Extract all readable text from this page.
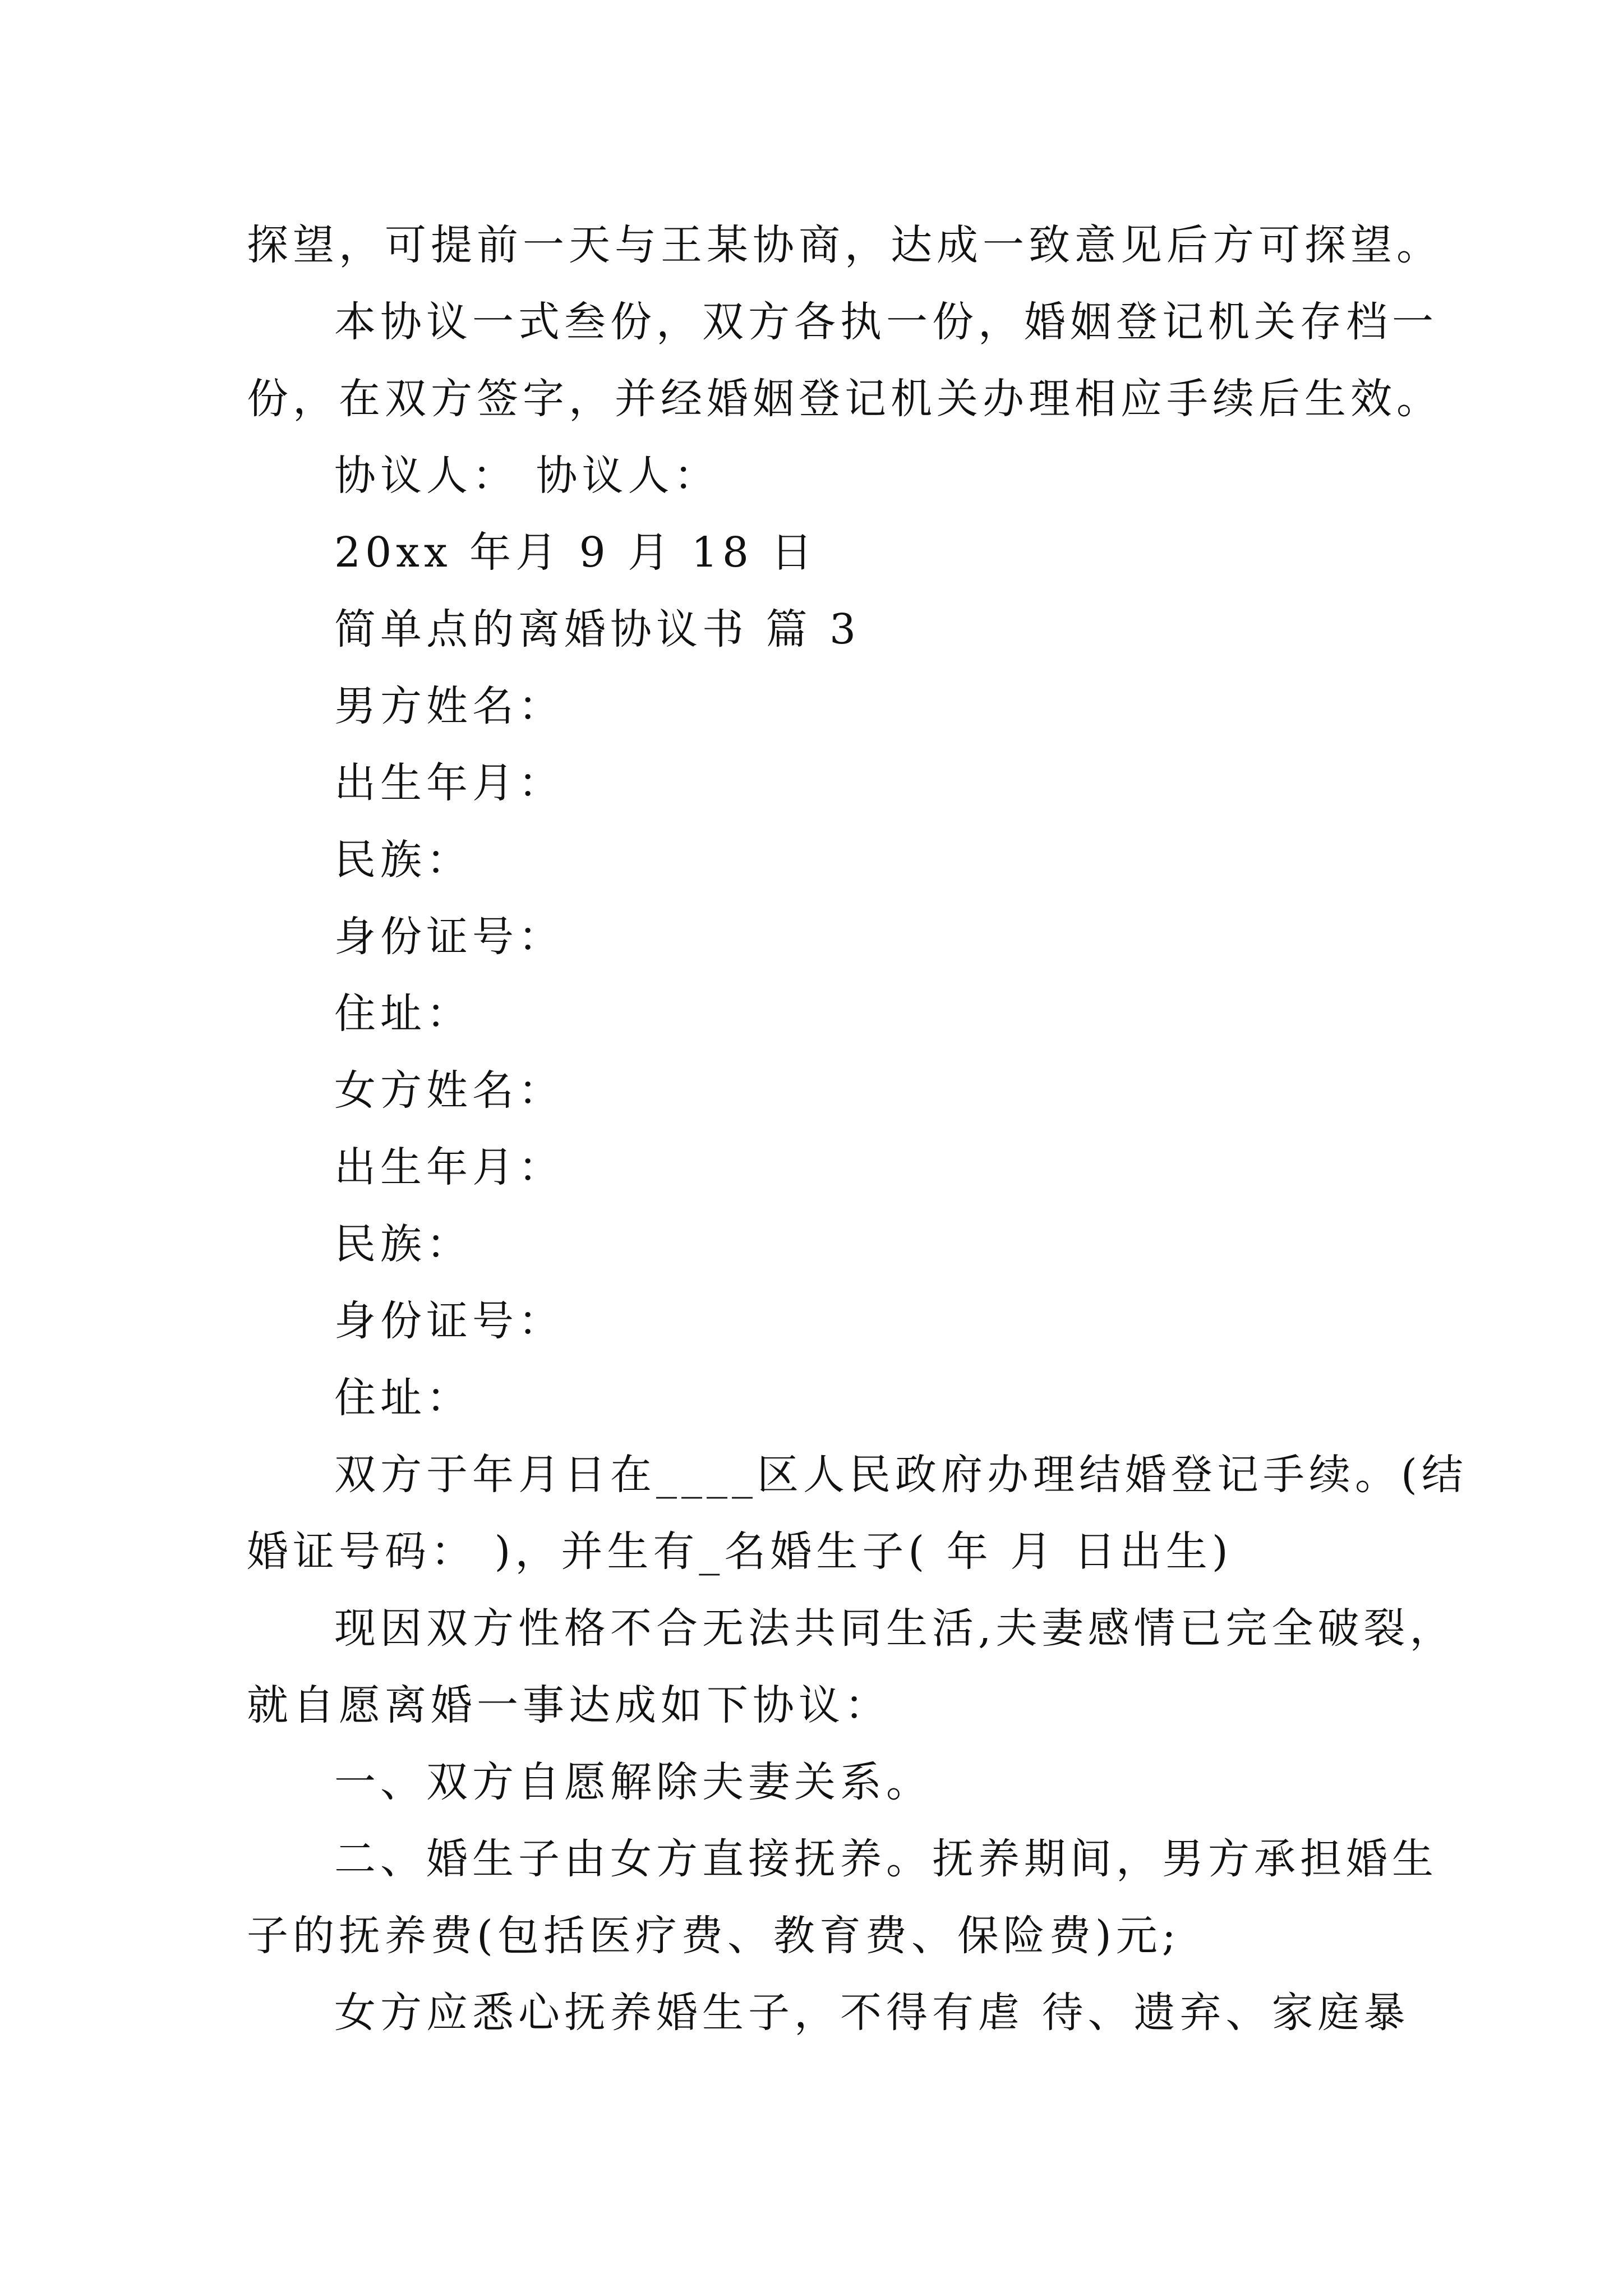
探望，可提前一天与王某协商，达成一致意见后方可探望。
本协议一式叁份，双方各执一份，婚姻登记机关存档一
份，在双方签字，并经婚姻登记机关办理相应手续后生效。
协议人： 协议人：
20xx 年月 9 月 18 日
简单点的离婚协议书 篇 3
男方姓名：
出生年月：
民族：
身份证号：
住址：
女方姓名：
出生年月：
民族：
身份证号：
住址：
双方于年月日在____区人民政府办理结婚登记手续。(结
婚证号码： )，并生有_名婚生子( 年 月 日出生)
现因双方性格不合无法共同生活,夫妻感情已完全破裂，
就自愿离婚一事达成如下协议：
一、双方自愿解除夫妻关系。
二、婚生子由女方直接抚养。抚养期间，男方承担婚生
子的抚养费(包括医疗费、教育费、保险费)元;
女方应悉心抚养婚生子，不得有虐 待、遗弃、家庭暴
